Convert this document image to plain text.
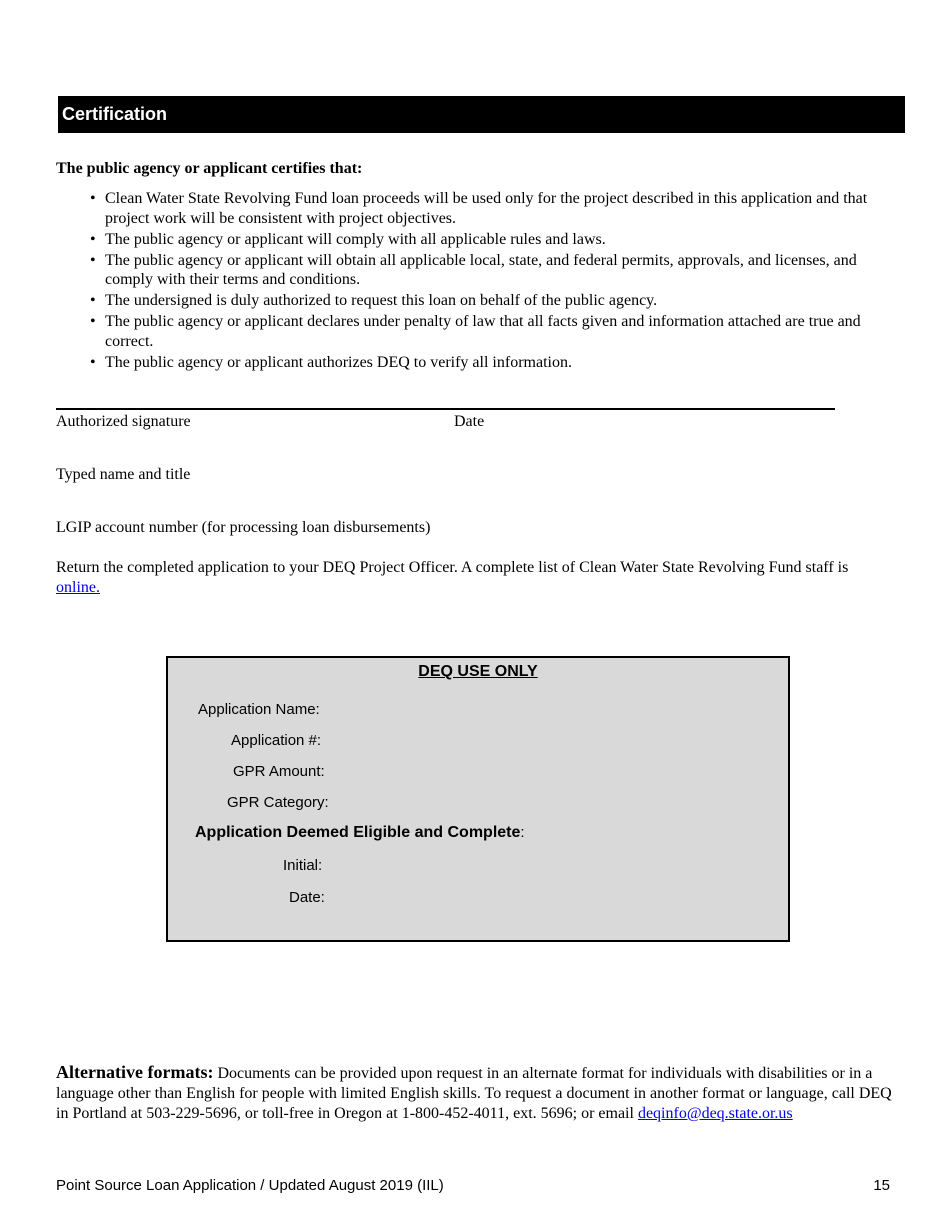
Certification
The public agency or applicant certifies that:
• Clean Water State Revolving Fund loan proceeds will be used only for the project described in this application and that project work will be consistent with project objectives.
• The public agency or applicant will comply with all applicable rules and laws.
• The public agency or applicant will obtain all applicable local, state, and federal permits, approvals, and licenses, and comply with their terms and conditions.
• The undersigned is duly authorized to request this loan on behalf of the public agency.
• The public agency or applicant declares under penalty of law that all facts given and information attached are true and correct.
• The public agency or applicant authorizes DEQ to verify all information.
Authorized signature	Date
Typed name and title
LGIP account number (for processing loan disbursements)
Return the completed application to your DEQ Project Officer. A complete list of Clean Water State Revolving Fund staff is online.
DEQ USE ONLY
Application Name:
Application #:
GPR Amount:
GPR Category:
Application Deemed Eligible and Complete:
Initial:
Date:
Alternative formats: Documents can be provided upon request in an alternate format for individuals with disabilities or in a language other than English for people with limited English skills. To request a document in another format or language, call DEQ in Portland at 503-229-5696, or toll-free in Oregon at 1-800-452-4011, ext. 5696; or email deqinfo@deq.state.or.us
Point Source Loan Application / Updated August 2019 (IIL)	15
